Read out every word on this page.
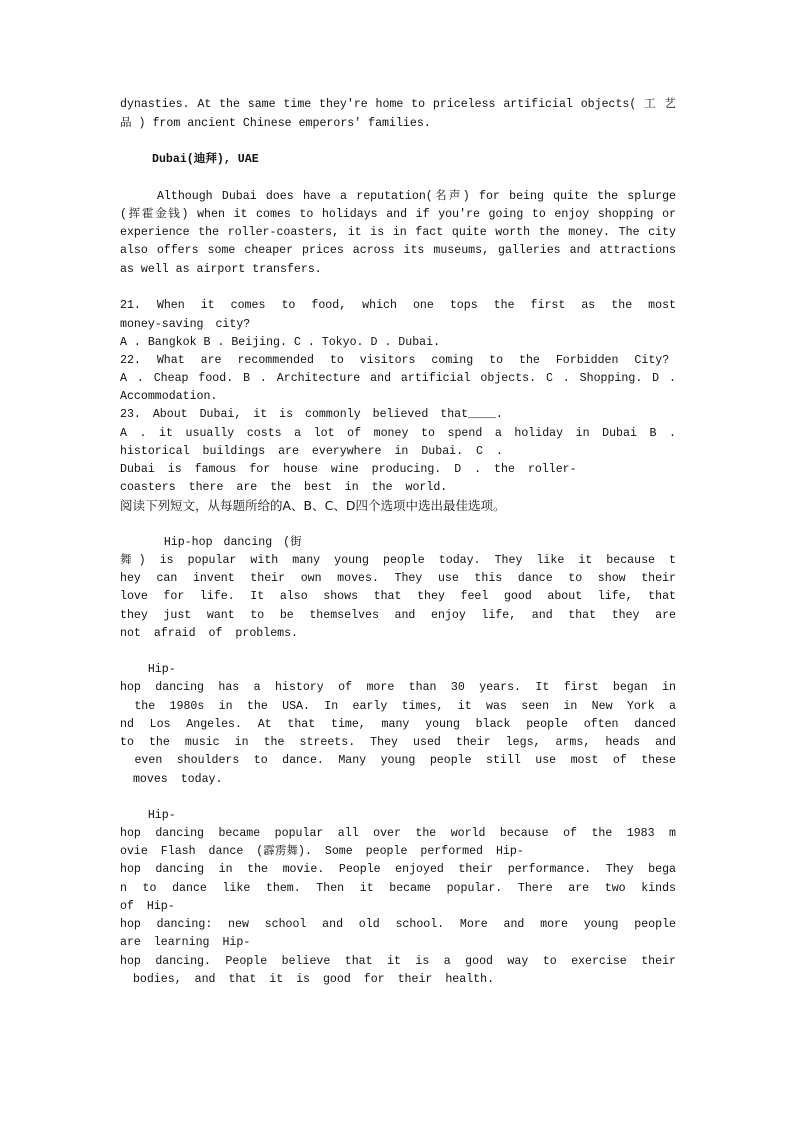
dynasties. At the same time they're home to priceless artificial objects( 工 艺
品 ) from ancient Chinese emperors' families.
Dubai(迪拜), UAE
Although Dubai does have a reputation(名声) for being quite the splurge
(挥霍金钱) when it comes to holidays and if you're going to enjoy shopping or
experience the roller-coasters, it is in fact quite worth the money. The city
also offers some cheaper prices across its museums, galleries and attractions
as well as airport transfers.
21. When it comes to food, which one tops the first as the most
money-saving city?
A . Bangkok B . Beijing. C . Tokyo. D . Dubai.
22. What are recommended to visitors coming to the Forbidden City?
A . Cheap food. B . Architecture and artificial objects. C . Shopping. D .
Accommodation.
23. About Dubai, it is commonly believed that____.
A . it usually costs a lot of money to spend a holiday in Dubai B .
historical buildings are everywhere in Dubai. C .
Dubai is famous for house wine producing. D . the roller-
coasters there are the best in the world.
阅读下列短文，从每题所给的A、B、C、D四个选项中选出最佳选项。
Hip-hop dancing (街
舞) is popular with many young people today. They like it because t
hey can invent their own moves. They use this dance to show their
love for life. It also shows that they feel good about life, that
they just want to be themselves and enjoy life, and that they are
not afraid of problems.
Hip-
hop dancing has a history of more than 30 years. It first began in
the 1980s in the USA. In early times, it was seen in New York a
nd Los Angeles. At that time, many young black people often danced
to the music in the streets. They used their legs, arms, heads and
even shoulders to dance. Many young people still use most of these
moves today.
Hip-
hop dancing became popular all over the world because of the 1983 m
ovie Flash dance (霹雳舞). Some people performed Hip-
hop dancing in the movie. People enjoyed their performance. They bega
n to dance like them. Then it became popular. There are two kinds
of Hip-
hop dancing: new school and old school. More and more young people
are learning Hip-
hop dancing. People believe that it is a good way to exercise their
bodies, and that it is good for their health.
